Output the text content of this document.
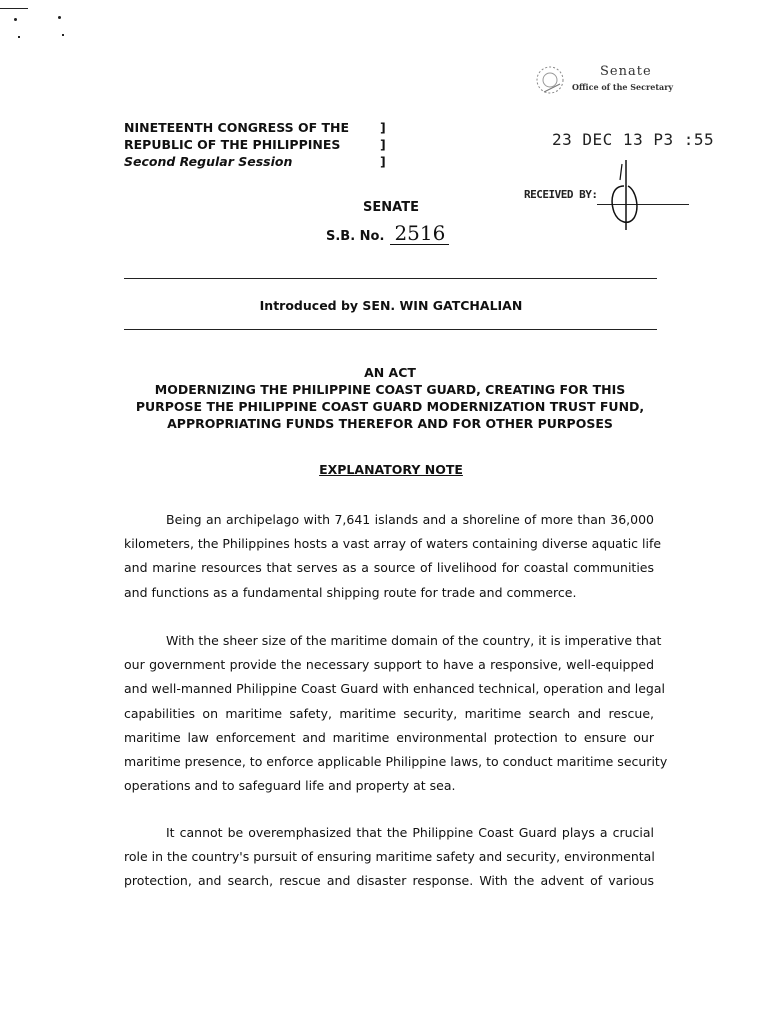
NINETEENTH CONGRESS OF THE
REPUBLIC OF THE PHILIPPINES
Second Regular Session
]
]
]
Senate
Office of the Secretary
23 DEC 13 P3 :55
RECEIVED BY:
SENATE
S.B. No. 2516
Introduced by SEN. WIN GATCHALIAN
AN ACT
MODERNIZING THE PHILIPPINE COAST GUARD, CREATING FOR THIS
PURPOSE THE PHILIPPINE COAST GUARD MODERNIZATION TRUST FUND,
APPROPRIATING FUNDS THEREFOR AND FOR OTHER PURPOSES
EXPLANATORY NOTE
Being an archipelago with 7,641 islands and a shoreline of more than 36,000
kilometers, the Philippines hosts a vast array of waters containing diverse aquatic life
and marine resources that serves as a source of livelihood for coastal communities
and functions as a fundamental shipping route for trade and commerce.
With the sheer size of the maritime domain of the country, it is imperative that
our government provide the necessary support to have a responsive, well-equipped
and well-manned Philippine Coast Guard with enhanced technical, operation and legal
capabilities on maritime safety, maritime security, maritime search and rescue,
maritime law enforcement and maritime environmental protection to ensure our
maritime presence, to enforce applicable Philippine laws, to conduct maritime security
operations and to safeguard life and property at sea.
It cannot be overemphasized that the Philippine Coast Guard plays a crucial
role in the country's pursuit of ensuring maritime safety and security, environmental
protection, and search, rescue and disaster response. With the advent of various
